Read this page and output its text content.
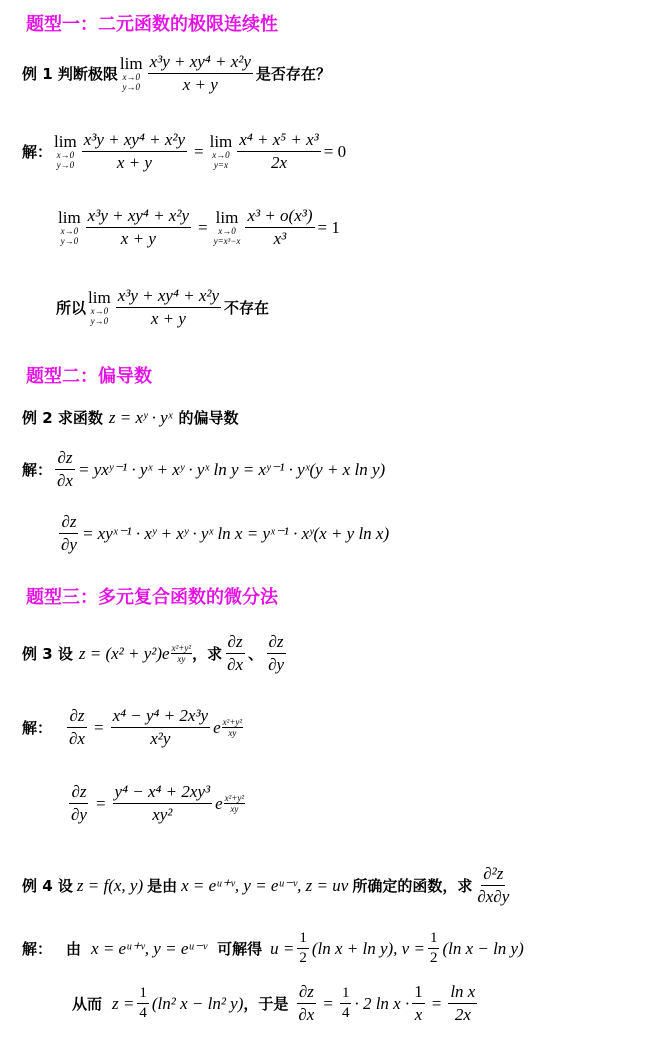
题型一：二元函数的极限连续性
例 1 判断极限
lim
x→0
$y\to 0 \frac{\text{x³y + xy⁴ + x²y}}{x + y}$ 是否存在？
解：
lim
x→0
$y\to 0 \frac{\text{x³y + xy⁴ + x²y}}{x + y} = \lim$
x→0
$y=x \frac{\text{x⁴ + x⁵ + x³}}{2x} = 0$
lim
x→0
$y\to 0 \frac{\text{x³y + xy⁴ + x²y}}{x + y} = \lim$
x→0
$y=x^3-x \frac{\text{x³ + o(x³)}}{\text{x³}} = 1$
所以
lim
x→0
$y\to 0 \frac{\text{x³y + xy⁴ + x²y}}{x + y}$ 不存在
题型二：偏导数
例 2 求函数 z = xʸ · yˣ 的偏导数
解： $\frac{\partial z}{\partial x}$ = yxʸ⁻¹ · yˣ + xʸ · yˣ ln y = xʸ⁻¹ · yˣ(y + x ln y)
$\frac{\partial z}{\partial y}$ = xyˣ⁻¹ · xʸ + xʸ · yˣ ln x = yˣ⁻¹ · xʸ(x + y ln x)
题型三：多元复合函数的微分法
例 3 设 z = (x² + y²)e x²+y²
xy ，求 $\frac{\partial z}{\partial x}$ 、 $\frac{\partial z}{\partial y}$
解： $\frac{\partial z}{\partial x} = \frac{\text{x⁴ − y⁴ + 2x³y}}{\text{x²y}}$ e x²+y²
xy
$\frac{\partial z}{\partial y} = \frac{\text{y⁴ − x⁴ + 2xy³}}{\text{xy²}}$ e x²+y²
xy
例 4 设 z = f(x, y) 是由 x = eᵘ⁺ᵛ, y = eᵘ⁻ᵛ, z = uv 所确定的函数，求 $\frac{\text{∂²z}}{\partial x\partial y}$
解： 由 x = eᵘ⁺ᵛ, y = eᵘ⁻ᵛ 可解得 $u = \frac{1}{2} (\ln$ x + ln y), $v = \frac{1}{2} (\ln$ x − ln y)
从而 $z = \frac{1}{4} (\ln^2$ x − ln² y) ，于是 $\frac{\partial z}{\partial x} = \frac{1}{4} \cdot 2$ $\ln x \cdot \frac{1}{x} = \frac{\text{ln x}}{2x}$
